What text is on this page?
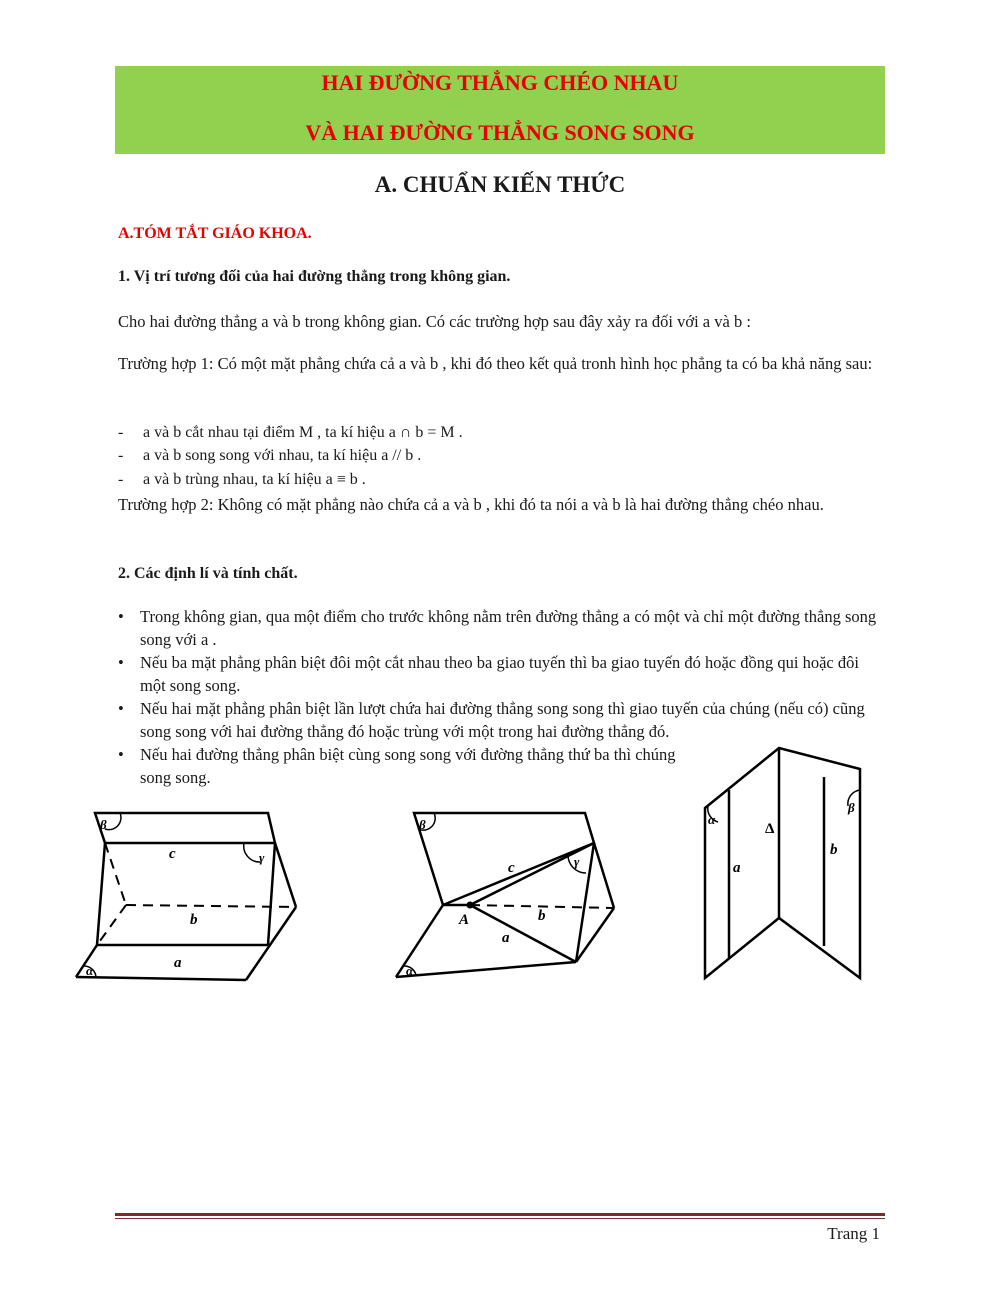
HAI ĐƯỜNG THẲNG CHÉO NHAU
VÀ HAI ĐƯỜNG THẲNG SONG SONG
A. CHUẨN KIẾN THỨC
A.TÓM TẮT GIÁO KHOA.
1. Vị trí tương đối của hai đường thẳng trong không gian.
Cho hai đường thẳng a và b trong không gian. Có các trường hợp sau đây xảy ra đối với a và b :
Trường hợp 1: Có một mặt phẳng chứa cả a và b , khi đó theo kết quả tronh hình học phẳng ta có ba khả năng sau:
- a và b cắt nhau tại điểm M , ta kí hiệu a ∩ b = M .
- a và b song song với nhau, ta kí hiệu a // b .
- a và b trùng nhau, ta kí hiệu a ≡ b .
Trường hợp 2: Không có mặt phẳng nào chứa cả a và b , khi đó ta nói a và b là hai đường thẳng chéo nhau.
2. Các định lí và tính chất.
• Trong không gian, qua một điểm cho trước không nằm trên đường thẳng a có một và chỉ một đường thẳng song song với a .
• Nếu ba mặt phẳng phân biệt đôi một cắt nhau theo ba giao tuyến thì ba giao tuyến đó hoặc đồng qui hoặc đôi một song song.
• Nếu hai mặt phẳng phân biệt lần lượt chứa hai đường thẳng song song thì giao tuyến của chúng (nếu có) cũng song song với hai đường thẳng đó hoặc trùng với một trong hai đường thẳng đó.
• Nếu hai đường thẳng phân biệt cùng song song với đường thẳng thứ ba thì chúng song song.
β
γ
α
c
b
a
β
γ
α
c
b
a
A
α
β
Δ
a
b
Trang 1
